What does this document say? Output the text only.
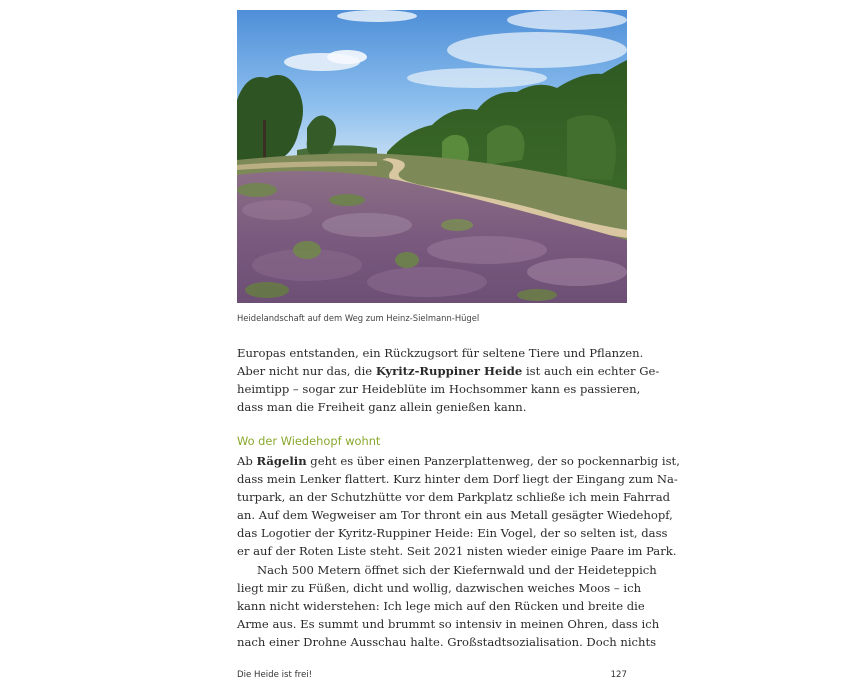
Heidelandschaft auf dem Weg zum Heinz-Sielmann-Hügel
Europas entstanden, ein Rückzugsort für seltene Tiere und Pflanzen.
Aber nicht nur das, die Kyritz-Ruppiner Heide ist auch ein echter Ge-
heimtipp – sogar zur Heideblüte im Hochsommer kann es passieren,
dass man die Freiheit ganz allein genießen kann.
Wo der Wiedehopf wohnt
Ab Rägelin geht es über einen Panzerplattenweg, der so pockennarbig ist,
dass mein Lenker flattert. Kurz hinter dem Dorf liegt der Eingang zum Na-
turpark, an der Schutzhütte vor dem Parkplatz schließe ich mein Fahrrad
an. Auf dem Wegweiser am Tor thront ein aus Metall gesägter Wiedehopf,
das Logotier der Kyritz-Ruppiner Heide: Ein Vogel, der so selten ist, dass
er auf der Roten Liste steht. Seit 2021 nisten wieder einige Paare im Park.
Nach 500 Metern öffnet sich der Kiefernwald und der Heideteppich
liegt mir zu Füßen, dicht und wollig, dazwischen weiches Moos – ich
kann nicht widerstehen: Ich lege mich auf den Rücken und breite die
Arme aus. Es summt und brummt so intensiv in meinen Ohren, dass ich
nach einer Drohne Ausschau halte. Großstadtsozialisation. Doch nichts
Die Heide ist frei!	127
